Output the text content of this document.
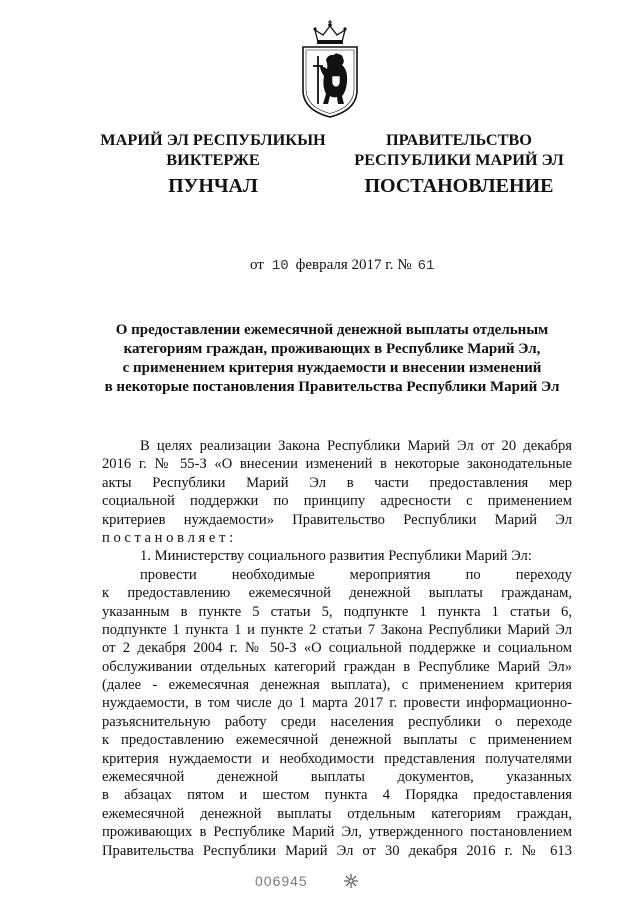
МАРИЙ ЭЛ РЕСПУБЛИКЫН
ВИКТЕРЖЕ
ПУНЧАЛ
ПРАВИТЕЛЬСТВО
РЕСПУБЛИКИ МАРИЙ ЭЛ
ПОСТАНОВЛЕНИЕ
от 10 февраля 2017 г. № 61
О предоставлении ежемесячной денежной выплаты отдельным
категориям граждан, проживающих в Республике Марий Эл,
с применением критерия нуждаемости и внесении изменений
в некоторые постановления Правительства Республики Марий Эл
В целях реализации Закона Республики Марий Эл от 20 декабря
2016 г. № 55-З «О внесении изменений в некоторые законодательные
акты Республики Марий Эл в части предоставления мер
социальной поддержки по принципу адресности с применением
критериев нуждаемости» Правительство Республики Марий Эл
п о с т а н о в л я е т :
1. Министерству социального развития Республики Марий Эл:
провести необходимые мероприятия по переходу
к предоставлению ежемесячной денежной выплаты гражданам,
указанным в пункте 5 статьи 5, подпункте 1 пункта 1 статьи 6,
подпункте 1 пункта 1 и пункте 2 статьи 7 Закона Республики Марий Эл
от 2 декабря 2004 г. № 50-З «О социальной поддержке и социальном
обслуживании отдельных категорий граждан в Республике Марий Эл»
(далее - ежемесячная денежная выплата), с применением критерия
нуждаемости, в том числе до 1 марта 2017 г. провести информационно-
разъяснительную работу среди населения республики о переходе
к предоставлению ежемесячной денежной выплаты с применением
критерия нуждаемости и необходимости представления получателями
ежемесячной денежной выплаты документов, указанных
в абзацах пятом и шестом пункта 4 Порядка предоставления
ежемесячной денежной выплаты отдельным категориям граждан,
проживающих в Республике Марий Эл, утвержденного постановлением
Правительства Республики Марий Эл от 30 декабря 2016 г. № 613
006945
